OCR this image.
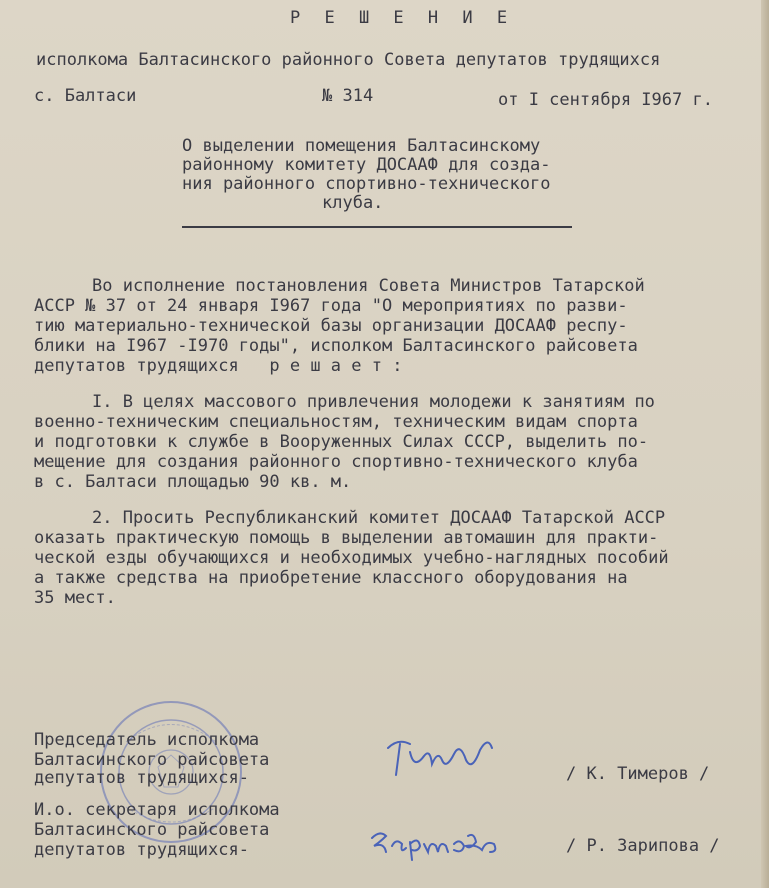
Р Е Ш Е Н И Е
исполкома Балтасинского районного Совета депутатов трудящихся
с. Балтаси	№ 314	от I сентября I967 г.
О выделении помещения Балтасинскому
районному комитету ДОСААФ для созда-
ния районного спортивно-технического
клуба.
Во исполнение постановления Совета Министров Татарской
АССР № 37 от 24 января I967 года "О мероприятиях по разви-
тию материально-технической базы организации ДОСААФ респу-
блики на I967 -I970 годы", исполком Балтасинского райсовета
депутатов трудящихся   р е ш а е т :
I. В целях массового привлечения молодежи к занятиям по
военно-техническим специальностям, техническим видам спорта
и подготовки к службе в Вооруженных Силах СССР, выделить по-
мещение для создания районного спортивно-технического клуба
в с. Балтаси площадью 90 кв. м.
2. Просить Республиканский комитет ДОСААФ Татарской АССР
оказать практическую помощь в выделении автомашин для практи-
ческой езды обучающихся и необходимых учебно-наглядных пособий
а также средства на приобретение классного оборудования на
35 мест.
Председатель исполкома
Балтасинского райсовета
депутатов трудящихся-	/ К. Тимеров /
И.о. секретаря исполкома
Балтасинского райсовета
депутатов трудящихся-	/ Р. Зарипова /
